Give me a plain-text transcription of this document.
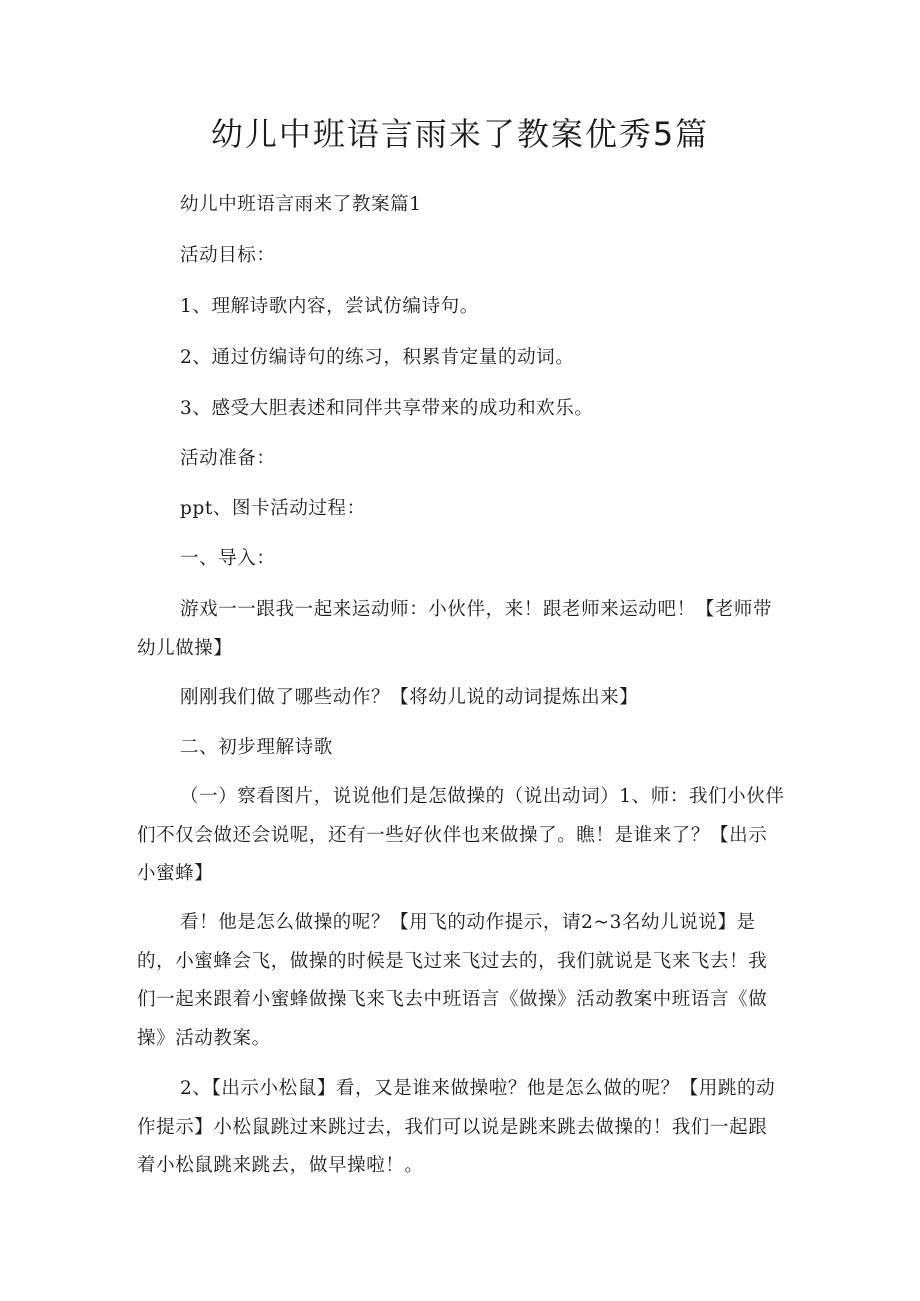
幼儿中班语言雨来了教案优秀5篇

幼儿中班语言雨来了教案篇1

活动目标：

1、理解诗歌内容，尝试仿编诗句。

2、通过仿编诗句的练习，积累肯定量的动词。

3、感受大胆表述和同伴共享带来的成功和欢乐。

活动准备：

ppt、图卡活动过程：

一、导入：

游戏一一跟我一起来运动师：小伙伴，来！跟老师来运动吧！【老师带幼儿做操】

刚刚我们做了哪些动作？【将幼儿说的动词提炼出来】

二、初步理解诗歌

（一）察看图片，说说他们是怎做操的（说出动词）1、师：我们小伙伴们不仅会做还会说呢，还有一些好伙伴也来做操了。瞧！是谁来了？【出示小蜜蜂】

看！他是怎么做操的呢？【用飞的动作提示，请2~3名幼儿说说】是的，小蜜蜂会飞，做操的时候是飞过来飞过去的，我们就说是飞来飞去！我们一起来跟着小蜜蜂做操飞来飞去中班语言《做操》活动教案中班语言《做操》活动教案。

2、【出示小松鼠】看，又是谁来做操啦？他是怎么做的呢？【用跳的动作提示】小松鼠跳过来跳过去，我们可以说是跳来跳去做操的！我们一起跟着小松鼠跳来跳去，做早操啦！。
